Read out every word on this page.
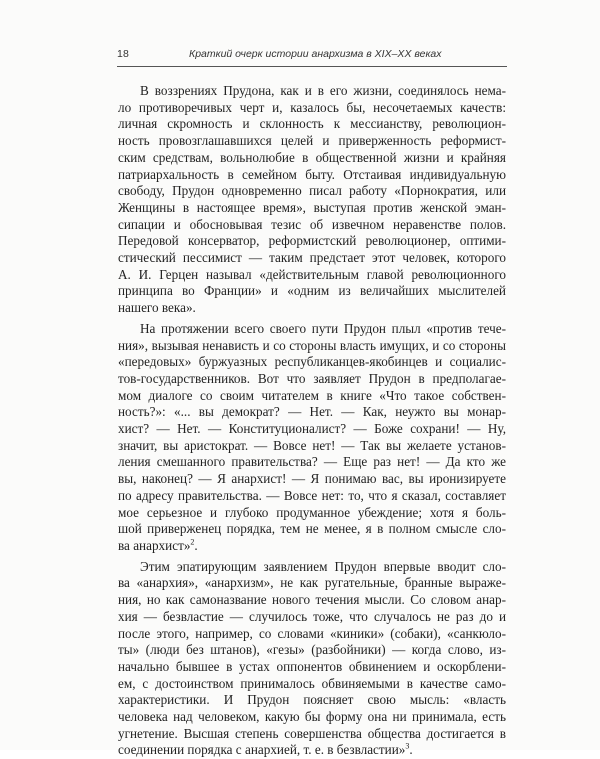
18	Краткий очерк истории анархизма в XIX–XX веках

В воззрениях Прудона, как и в его жизни, соединялось нема-
ло противоречивых черт и, казалось бы, несочетаемых качеств:
личная скромность и склонность к мессианству, революцион-
ность провозглашавшихся целей и приверженность реформист-
ским средствам, вольнолюбие в общественной жизни и крайняя
патриархальность в семейном быту. Отстаивая индивидуальную
свободу, Прудон одновременно писал работу «Порнократия, или
Женщины в настоящее время», выступая против женской эман-
сипации и обосновывая тезис об извечном неравенстве полов.
Передовой консерватор, реформистский революционер, оптими-
стический пессимист — таким предстает этот человек, которого
А. И. Герцен называл «действительным главой революционного
принципа во Франции» и «одним из величайших мыслителей
нашего века».

На протяжении всего своего пути Прудон плыл «против тече-
ния», вызывая ненависть и со стороны власть имущих, и со стороны
«передовых» буржуазных республиканцев-якобинцев и социалис-
тов-государственников. Вот что заявляет Прудон в предполагае-
мом диалоге со своим читателем в книге «Что такое собствен-
ность?»: «... вы демократ? — Нет. — Как, неужто вы монар-
хист? — Нет. — Конституционалист? — Боже сохрани! — Ну,
значит, вы аристократ. — Вовсе нет! — Так вы желаете установ-
ления смешанного правительства? — Еще раз нет! — Да кто же
вы, наконец? — Я анархист! — Я понимаю вас, вы иронизируете
по адресу правительства. — Вовсе нет: то, что я сказал, составляет
мое серьезное и глубоко продуманное убеждение; хотя я боль-
шой приверженец порядка, тем не менее, я в полном смысле сло-
ва анархист»$^2$.

Этим эпатирующим заявлением Прудон впервые вводит сло-
ва «анархия», «анархизм», не как ругательные, бранные выраже-
ния, но как самоназвание нового течения мысли. Со словом анар-
хия — безвластие — случилось тоже, что случалось не раз до и
после этого, например, со словами «киники» (собаки), «санкюло-
ты» (люди без штанов), «гезы» (разбойники) — когда слово, из-
начально бывшее в устах оппонентов обвинением и оскорблени-
ем, с достоинством принималось обвиняемыми в качестве само-
характеристики. И Прудон поясняет свою мысль: «власть
человека над человеком, какую бы форму она ни принимала, есть
угнетение. Высшая степень совершенства общества достигается в
соединении порядка с анархией, т. е. в безвластии»$^3$.
